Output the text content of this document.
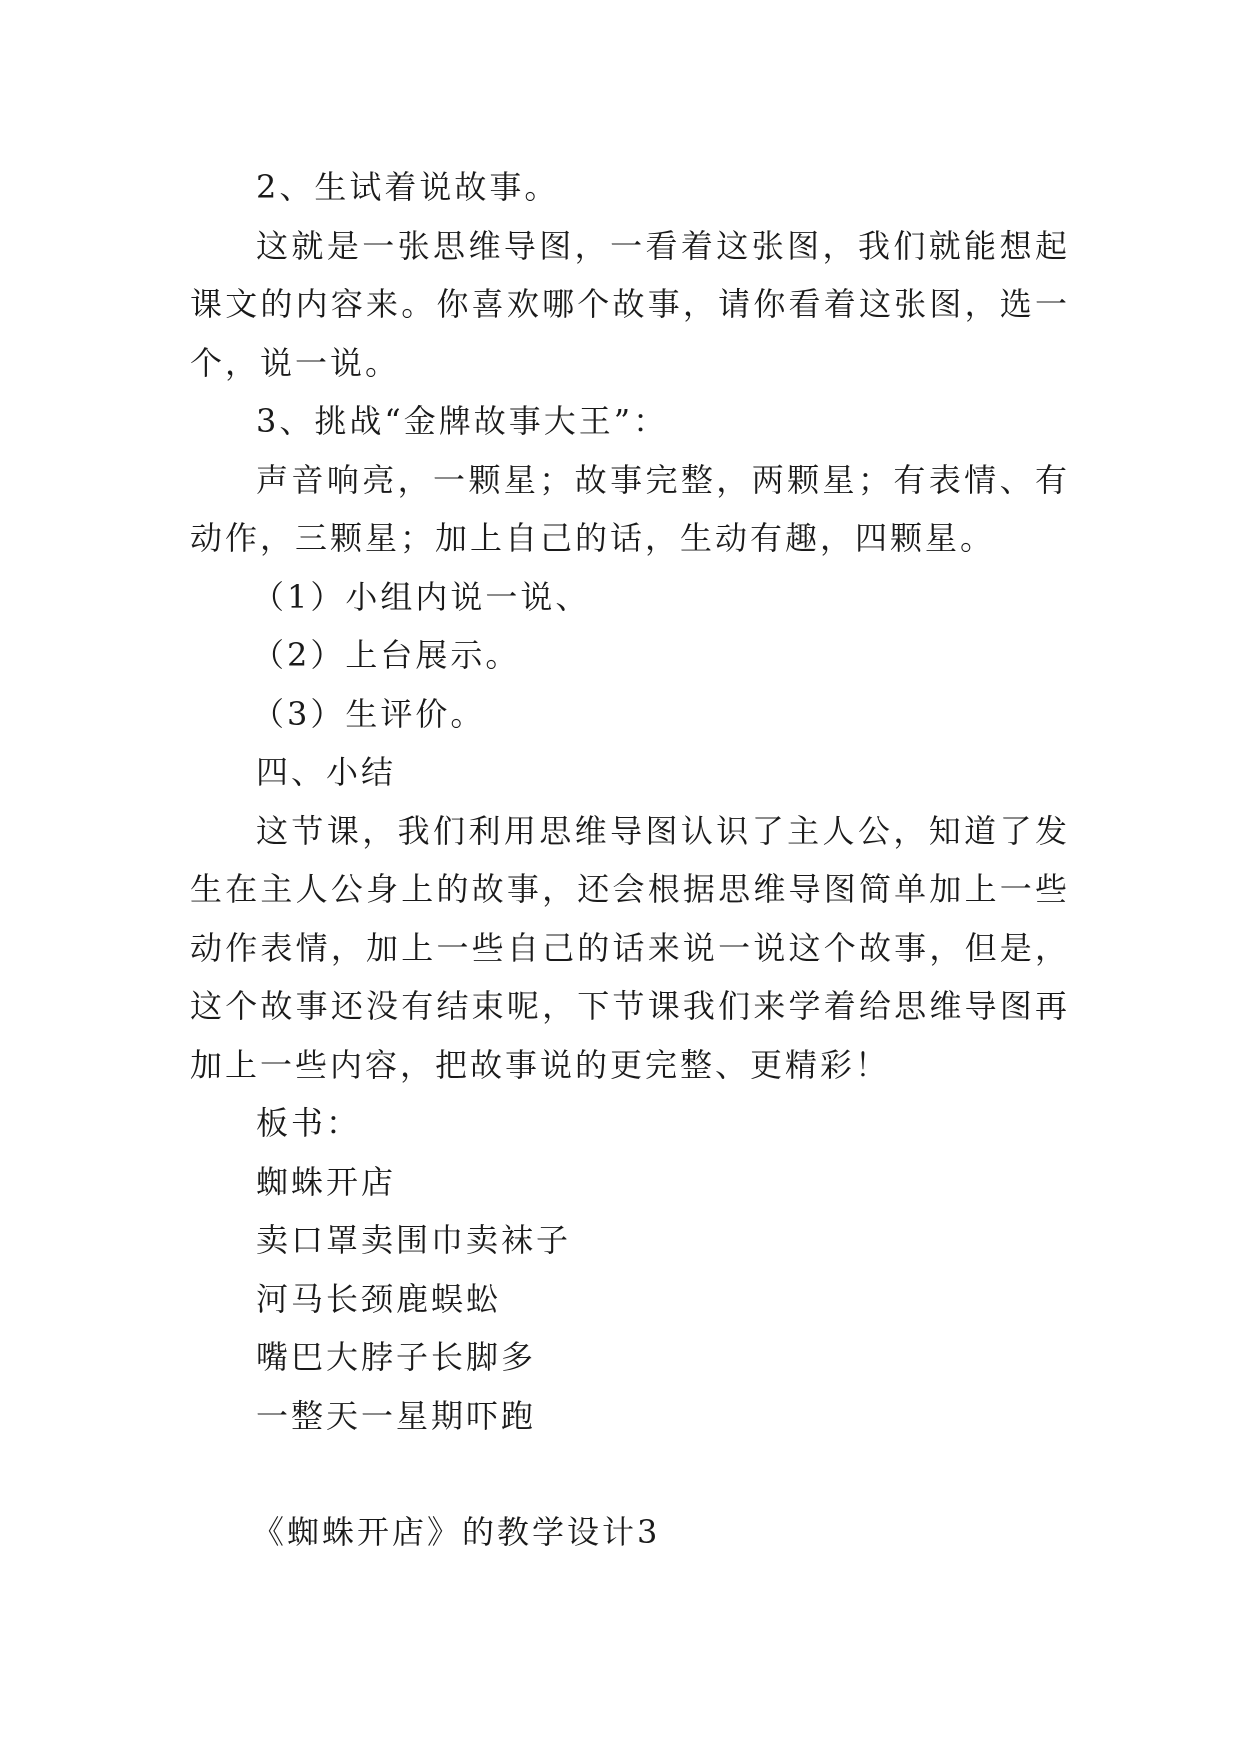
2、生试着说故事。

这就是一张思维导图，一看着这张图，我们就能想起课文的内容来。你喜欢哪个故事，请你看着这张图，选一个，说一说。

3、挑战“金牌故事大王”：

声音响亮，一颗星；故事完整，两颗星；有表情、有动作，三颗星；加上自己的话，生动有趣，四颗星。

（1）小组内说一说、

（2）上台展示。

（3）生评价。

四、小结

这节课，我们利用思维导图认识了主人公，知道了发生在主人公身上的故事，还会根据思维导图简单加上一些动作表情，加上一些自己的话来说一说这个故事，但是，这个故事还没有结束呢，下节课我们来学着给思维导图再加上一些内容，把故事说的更完整、更精彩！

板书：

蜘蛛开店

卖口罩卖围巾卖袜子

河马长颈鹿蜈蚣

嘴巴大脖子长脚多

一整天一星期吓跑

《蜘蛛开店》的教学设计3
